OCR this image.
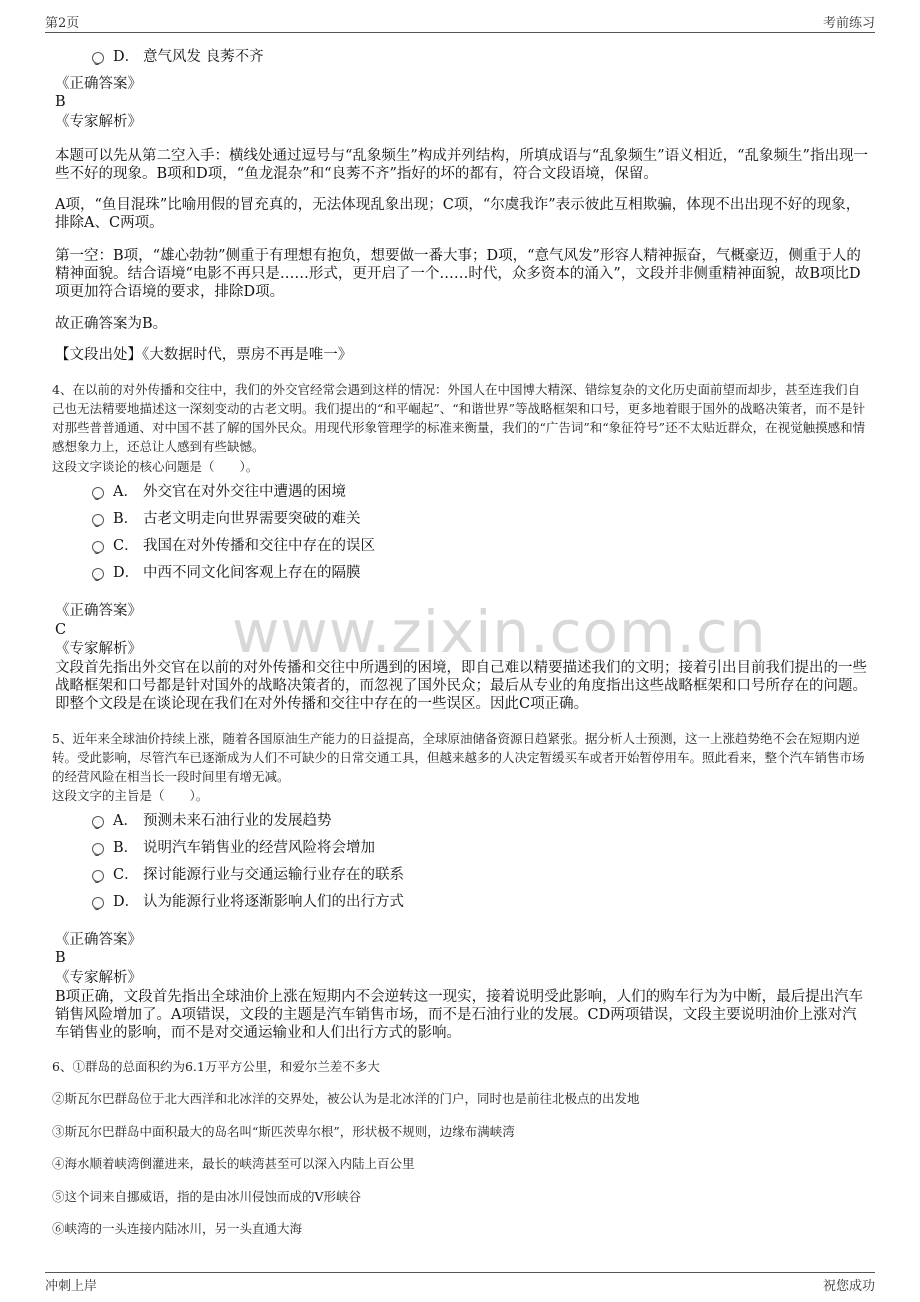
第2页	考前练习
www.zixin.com.cn
D． 意气风发 良莠不齐
《正确答案》
B
《专家解析》
本题可以先从第二空入手：横线处通过逗号与“乱象频生”构成并列结构，所填成语与“乱象频生”语义相近，“乱象频生”指出现一些不好的现象。B项和D项，“鱼龙混杂”和“良莠不齐”指好的坏的都有，符合文段语境，保留。
A项，“鱼目混珠”比喻用假的冒充真的，无法体现乱象出现；C项，“尔虞我诈”表示彼此互相欺骗，体现不出出现不好的现象，排除A、C两项。
第一空：B项，“雄心勃勃”侧重于有理想有抱负，想要做一番大事；D项，“意气风发”形容人精神振奋，气概豪迈，侧重于人的精神面貌。结合语境“电影不再只是……形式，更开启了一个……时代，众多资本的涌入”，文段并非侧重精神面貌，故B项比D项更加符合语境的要求，排除D项。
故正确答案为B。
【文段出处】《大数据时代，票房不再是唯一》
4、在以前的对外传播和交往中，我们的外交官经常会遇到这样的情况：外国人在中国博大精深、错综复杂的文化历史面前望而却步，甚至连我们自己也无法精要地描述这一深刻变动的古老文明。我们提出的“和平崛起”、“和谐世界”等战略框架和口号，更多地着眼于国外的战略决策者，而不是针对那些普普通通、对中国不甚了解的国外民众。用现代形象管理学的标准来衡量，我们的“广告词”和“象征符号”还不太贴近群众，在视觉触摸感和情感想象力上，还总让人感到有些缺憾。
这段文字谈论的核心问题是（　　）。
A． 外交官在对外交往中遭遇的困境
B． 古老文明走向世界需要突破的难关
C． 我国在对外传播和交往中存在的误区
D． 中西不同文化间客观上存在的隔膜
《正确答案》
C
《专家解析》
文段首先指出外交官在以前的对外传播和交往中所遇到的困境，即自己难以精要描述我们的文明；接着引出目前我们提出的一些战略框架和口号都是针对国外的战略决策者的，而忽视了国外民众；最后从专业的角度指出这些战略框架和口号所存在的问题。即整个文段是在谈论现在我们在对外传播和交往中存在的一些误区。因此C项正确。
5、近年来全球油价持续上涨，随着各国原油生产能力的日益提高，全球原油储备资源日趋紧张。据分析人士预测，这一上涨趋势绝不会在短期内逆转。受此影响，尽管汽车已逐渐成为人们不可缺少的日常交通工具，但越来越多的人决定暂缓买车或者开始暂停用车。照此看来，整个汽车销售市场的经营风险在相当长一段时间里有增无减。
这段文字的主旨是（　　）。
A． 预测未来石油行业的发展趋势
B． 说明汽车销售业的经营风险将会增加
C． 探讨能源行业与交通运输行业存在的联系
D． 认为能源行业将逐渐影响人们的出行方式
《正确答案》
B
《专家解析》
B项正确，文段首先指出全球油价上涨在短期内不会逆转这一现实，接着说明受此影响，人们的购车行为为中断，最后提出汽车销售风险增加了。A项错误，文段的主题是汽车销售市场，而不是石油行业的发展。CD两项错误，文段主要说明油价上涨对汽车销售业的影响，而不是对交通运输业和人们出行方式的影响。
6、①群岛的总面积约为6.1万平方公里，和爱尔兰差不多大
②斯瓦尔巴群岛位于北大西洋和北冰洋的交界处，被公认为是北冰洋的门户，同时也是前往北极点的出发地
③斯瓦尔巴群岛中面积最大的岛名叫“斯匹茨卑尔根”，形状极不规则，边缘布满峡湾
④海水顺着峡湾倒灌进来，最长的峡湾甚至可以深入内陆上百公里
⑤这个词来自挪威语，指的是由冰川侵蚀而成的V形峡谷
⑥峡湾的一头连接内陆冰川，另一头直通大海
冲刺上岸	祝您成功
